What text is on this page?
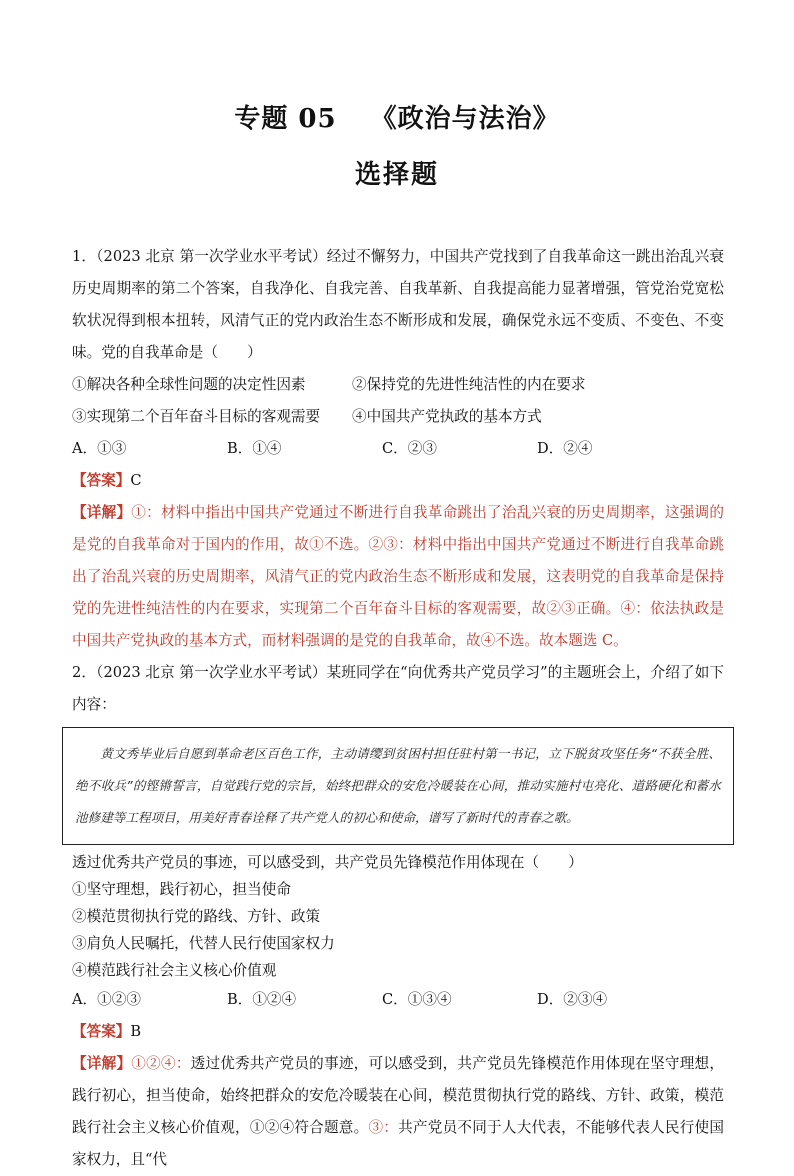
专题 05 《政治与法治》
选择题

1．（2023 北京 第一次学业水平考试）经过不懈努力，中国共产党找到了自我革命这一跳出治乱兴衰历史周期率的第二个答案，自我净化、自我完善、自我革新、自我提高能力显著增强，管党治党宽松软状况得到根本扭转，风清气正的党内政治生态不断形成和发展，确保党永远不变质、不变色、不变味。党的自我革命是（　　）

①解决各种全球性问题的决定性因素	②保持党的先进性纯洁性的内在要求
③实现第二个百年奋斗目标的客观需要	④中国共产党执政的基本方式
A．①③	B．①④	C．②③	D．②④
【答案】C

【详解】①：材料中指出中国共产党通过不断进行自我革命跳出了治乱兴衰的历史周期率，这强调的是党的自我革命对于国内的作用，故①不选。②③：材料中指出中国共产党通过不断进行自我革命跳出了治乱兴衰的历史周期率，风清气正的党内政治生态不断形成和发展，这表明党的自我革命是保持党的先进性纯洁性的内在要求，实现第二个百年奋斗目标的客观需要，故②③正确。④：依法执政是中国共产党执政的基本方式，而材料强调的是党的自我革命，故④不选。故本题选 C。

2．（2023 北京 第一次学业水平考试）某班同学在“向优秀共产党员学习”的主题班会上，介绍了如下内容：

黄文秀毕业后自愿到革命老区百色工作，主动请缨到贫困村担任驻村第一书记，立下脱贫攻坚任务“不获全胜、绝不收兵”的铿锵誓言，自觉践行党的宗旨，始终把群众的安危冷暖装在心间，推动实施村屯亮化、道路硬化和蓄水池修建等工程项目，用美好青春诠释了共产党人的初心和使命，谱写了新时代的青春之歌。

透过优秀共产党员的事迹，可以感受到，共产党员先锋模范作用体现在（　　）

①坚守理想，践行初心，担当使命
②模范贯彻执行党的路线、方针、政策
③肩负人民嘱托，代替人民行使国家权力
④模范践行社会主义核心价值观
A．①②③	B．①②④	C．①③④	D．②③④
【答案】B

【详解】①②④：透过优秀共产党员的事迹，可以感受到，共产党员先锋模范作用体现在坚守理想，践行初心，担当使命，始终把群众的安危冷暖装在心间，模范贯彻执行党的路线、方针、政策，模范践行社会主义核心价值观，①②④符合题意。③：共产党员不同于人大代表，不能够代表人民行使国家权力，且“代
